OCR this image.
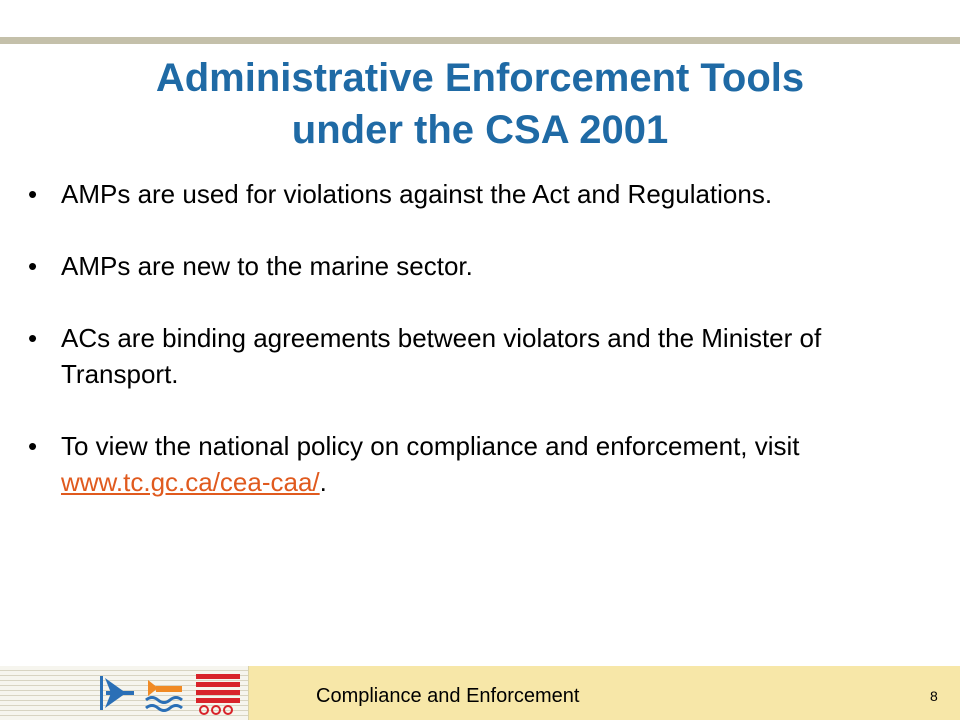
Administrative Enforcement Tools
under the CSA 2001
• AMPs are used for violations against the Act and Regulations.
• AMPs are new to the marine sector.
• ACs are binding agreements between violators and the Minister of Transport.
• To view the national policy on compliance and enforcement, visit www.tc.gc.ca/cea-caa/.
Compliance and Enforcement	8
